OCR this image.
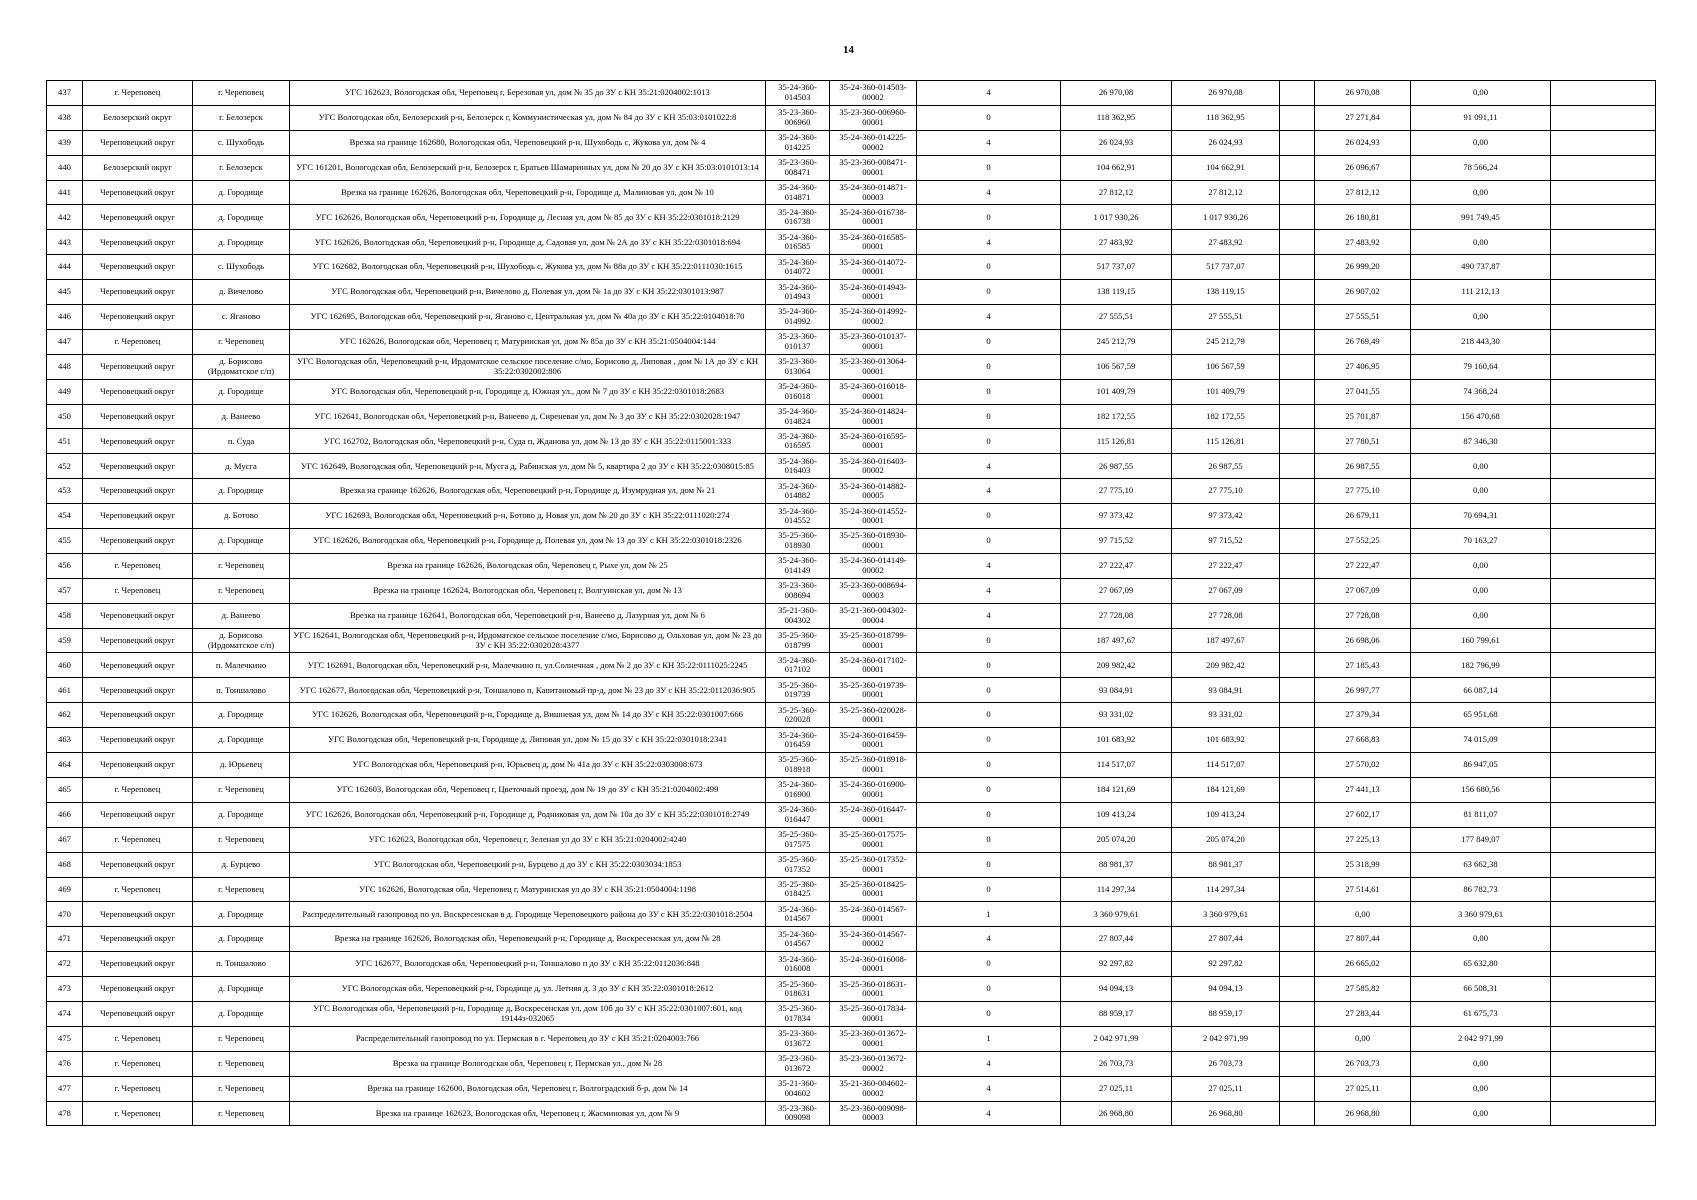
14
437	г. Череповец	г. Череповец	УГС 162623, Вологодская обл, Череповец г, Березовая ул, дом № 35 до ЗУ с КН 35:21:0204002:1013	35-24-360-014503	35-24-360-014503-00002	4	26 970,08	26 970,08		26 970,08	0,00	
438	Белозерский округ	г. Белозерск	УГС Вологодская обл, Белозерский р-н, Белозерск г, Коммунистическая ул, дом № 84 до ЗУ с КН 35:03:0101022:8	35-23-360-006960	35-23-360-006960-00001	0	118 362,95	118 362,95		27 271,84	91 091,11	
439	Череповецкий округ	с. Шухободь	Врезка на границе 162680, Вологодская обл, Череповецкий р-н, Шухободь с, Жукова ул, дом № 4	35-24-360-014225	35-24-360-014225-00002	4	26 024,93	26 024,93		26 024,93	0,00	
440	Белозерский округ	г. Белозерск	УГС 161201, Вологодская обл, Белозерский р-н, Белозерск г, Братьев Шамаринных ул, дом № 20 до ЗУ с КН 35:03:0101013:14	35-23-360-008471	35-23-360-008471-00001	0	104 662,91	104 662,91		26 096,67	78 566,24	
441	Череповецкий округ	д. Городище	Врезка на границе 162626, Вологодская обл, Череповецкий р-н, Городище д, Малиновая ул, дом № 10	35-24-360-014871	35-24-360-014871-00003	4	27 812,12	27 812,12		27 812,12	0,00	
442	Череповецкий округ	д. Городище	УГС 162626, Вологодская обл, Череповецкий р-н, Городище д, Лесная ул, дом № 85 до ЗУ с КН 35:22:0301018:2129	35-24-360-016738	35-24-360-016738-00001	0	1 017 930,26	1 017 930,26		26 180,81	991 749,45	
443	Череповецкий округ	д. Городище	УГС 162626, Вологодская обл, Череповецкий р-н, Городище д, Садовая ул, дом № 2А до ЗУ с КН 35:22:0301018:694	35-24-360-016585	35-24-360-016585-00001	4	27 483,92	27 483,92		27 483,92	0,00	
444	Череповецкий округ	с. Шухободь	УГС 162682, Вологодская обл, Череповецкий р-н, Шухободь с, Жукова ул, дом № 88а до ЗУ с КН 35:22:0111030:1615	35-24-360-014072	35-24-360-014072-00001	0	517 737,07	517 737,07		26 999,20	490 737,87	
445	Череповецкий округ	д. Вичелово	УГС Вологодская обл, Череповецкий р-н, Вичелово д, Полевая ул, дом № 1а до ЗУ с КН 35:22:0301013:987	35-24-360-014943	35-24-360-014943-00001	0	138 119,15	138 119,15		26 907,02	111 212,13	
446	Череповецкий округ	с. Яганово	УГС 162695, Вологодская обл, Череповецкий р-н, Яганово с, Центральная ул, дом № 40а до ЗУ с КН 35:22:0104018:70	35-24-360-014992	35-24-360-014992-00002	4	27 555,51	27 555,51		27 555,51	0,00	
447	г. Череповец	г. Череповец	УГС 162626, Вологодская обл, Череповец г, Матуринская ул, дом № 85а до ЗУ с КН 35:21:0504004:144	35-23-360-010137	35-23-360-010137-00001	0	245 212,79	245 212,79		26 769,49	218 443,30	
448	Череповецкий округ	д. Борисово (Ирдоматское с/п)	УГС Вологодская обл, Череповецкий р-н, Ирдоматское сельское поселение с/мо, Борисово д, Липовая , дом № 1А до ЗУ с КН 35:22:0302002:806	35-23-360-013064	35-23-360-013064-00001	0	106 567,59	106 567,59		27 406,95	79 160,64	
449	Череповецкий округ	д. Городище	УГС Вологодская обл, Череповецкий р-н, Городище д, Южная ул., дом № 7 до ЗУ с КН 35:22:0301018:2683	35-24-360-016018	35-24-360-016018-00001	0	101 409,79	101 409,79		27 041,55	74 368,24	
450	Череповецкий округ	д. Ванеево	УГС 162641, Вологодская обл, Череповецкий р-н, Ванеево д, Сиреневая ул, дом № 3 до ЗУ с КН 35:22:0302028:1947	35-24-360-014824	35-24-360-014824-00001	0	182 172,55	182 172,55		25 701,87	156 470,68	
451	Череповецкий округ	п. Суда	УГС 162702, Вологодская обл, Череповецкий р-н, Суда п, Жданова ул, дом № 13 до ЗУ с КН 35:22:0115001:333	35-24-360-016595	35-24-360-016595-00001	0	115 126,81	115 126,81		27 780,51	87 346,30	
452	Череповецкий округ	д. Мусга	УГС 162649, Вологодская обл, Череповецкий р-н, Мусга д, Рабинская ул, дом № 5, квартира 2 до ЗУ с КН 35:22:0308015:85	35-24-360-016403	35-24-360-016403-00002	4	26 987,55	26 987,55		26 987,55	0,00	
453	Череповецкий округ	д. Городище	Врезка на границе 162626, Вологодская обл, Череповецкий р-н, Городище д, Изумрудная ул, дом № 21	35-24-360-014882	35-24-360-014882-00005	4	27 775,10	27 775,10		27 775,10	0,00	
454	Череповецкий округ	д. Ботово	УГС 162693, Вологодская обл, Череповецкий р-н, Ботово д, Новая ул, дом № 20 до ЗУ с КН 35:22:0111020:274	35-24-360-014552	35-24-360-014552-00001	0	97 373,42	97 373,42		26 679,11	70 694,31	
455	Череповецкий округ	д. Городище	УГС 162626, Вологодская обл, Череповецкий р-н, Городище д, Полевая ул, дом № 13 до ЗУ с КН 35:22:0301018:2326	35-25-360-018930	35-25-360-018930-00001	0	97 715,52	97 715,52		27 552,25	70 163,27	
456	г. Череповец	г. Череповец	Врезка на границе 162626, Вологодская обл, Череповец г, Рыхе ул, дом № 25	35-24-360-014149	35-24-360-014149-00002	4	27 222,47	27 222,47		27 222,47	0,00	
457	г. Череповец	г. Череповец	Врезка на границе 162624, Вологодская обл, Череповец г, Волгуинская ул, дом № 13	35-23-360-008694	35-23-360-008694-00003	4	27 067,09	27 067,09		27 067,09	0,00	
458	Череповецкий округ	д. Ванеево	Врезка на границе 162641, Вологодская обл, Череповецкий р-н, Ванеево д, Лазурная ул, дом № 6	35-21-360-004302	35-21-360-004302-00004	4	27 728,08	27 728,08		27 728,08	0,00	
459	Череповецкий округ	д. Борисово (Ирдоматское с/п)	УГС 162641, Вологодская обл, Череповецкий р-н, Ирдоматское сельское поселение с/мо, Борисово д, Ольховая ул, дом № 23 до ЗУ с КН 35:22:0302028:4377	35-25-360-018799	35-25-360-018799-00001	0	187 497,67	187 497,67		26 698,06	160 799,61	
460	Череповецкий округ	п. Малечкино	УГС 162691, Вологодская обл, Череповецкий р-н, Малечкино п, ул.Солнечная , дом № 2 до ЗУ с КН 35:22:0111025:2245	35-24-360-017102	35-24-360-017102-00001	0	209 982,42	209 982,42		27 185,43	182 796,99	
461	Череповецкий округ	п. Тоншалово	УГС 162677, Вологодская обл, Череповецкий р-н, Тоншалово п, Капитановый пр-д, дом № 23 до ЗУ с КН 35:22:0112036:905	35-25-360-019739	35-25-360-019739-00001	0	93 084,91	93 084,91		26 997,77	66 087,14	
462	Череповецкий округ	д. Городище	УГС 162626, Вологодская обл, Череповецкий р-н, Городище д, Вишневая ул, дом № 14 до ЗУ с КН 35:22:0301007:666	35-25-360-020028	35-25-360-020028-00001	0	93 331,02	93 331,02		27 379,34	65 951,68	
463	Череповецкий округ	д. Городище	УГС Вологодская обл, Череповецкий р-н, Городище д, Липовая ул, дом № 15 до ЗУ с КН 35:22:0301018:2341	35-24-360-016459	35-24-360-016459-00001	0	101 683,92	101 683,92		27 668,83	74 015,09	
464	Череповецкий округ	д. Юрьевец	УГС Вологодская обл, Череповецкий р-н, Юрьевец д, дом № 41а до ЗУ с КН 35:22:0303008:673	35-25-360-018918	35-25-360-018918-00001	0	114 517,07	114 517,07		27 570,02	86 947,05	
465	г. Череповец	г. Череповец	УГС 162603, Вологодская обл, Череповец г, Цветочный проезд, дом № 19 до ЗУ с КН 35:21:0204002:499	35-24-360-016900	35-24-360-016900-00001	0	184 121,69	184 121,69		27 441,13	156 680,56	
466	Череповецкий округ	д. Городище	УГС 162626, Вологодская обл, Череповецкий р-н, Городище д, Родниковая ул, дом № 10а до ЗУ с КН 35:22:0301018:2749	35-24-360-016447	35-24-360-016447-00001	0	109 413,24	109 413,24		27 602,17	81 811,07	
467	г. Череповец	г. Череповец	УГС 162623, Вологодская обл, Череповец г, Зеленая ул до ЗУ с КН 35:21:0204002:4240	35-25-360-017575	35-25-360-017575-00001	0	205 074,20	205 074,20		27 225,13	177 849,07	
468	Череповецкий округ	д. Бурцево	УГС Вологодская обл, Череповецкий р-н, Бурцево д до ЗУ с КН 35:22:0303034:1853	35-25-360-017352	35-25-360-017352-00001	0	88 981,37	88 981,37		25 318,99	63 662,38	
469	г. Череповец	г. Череповец	УГС 162626, Вологодская обл, Череповец г, Матуринская ул до ЗУ с КН 35:21:0504004:1198	35-25-360-018425	35-25-360-018425-00001	0	114 297,34	114 297,34		27 514,61	86 782,73	
470	Череповецкий округ	д. Городище	Распределительный газопровод по ул. Воскресенская в д. Городище Череповецкого района до ЗУ с КН 35:22:0301018:2504	35-24-360-014567	35-24-360-014567-00001	1	3 360 979,61	3 360 979,61		0,00	3 360 979,61	
471	Череповецкий округ	д. Городище	Врезка на границе 162626, Вологодская обл, Череповецкий р-н, Городище д, Воскресенская ул, дом № 28	35-24-360-014567	35-24-360-014567-00002	4	27 807,44	27 807,44		27 807,44	0,00	
472	Череповецкий округ	п. Тоншалово	УГС 162677, Вологодская обл, Череповецкий р-н, Тоншалово п до ЗУ с КН 35:22:0112036:848	35-24-360-016008	35-24-360-016008-00001	0	92 297,82	92 297,82		26 665,02	65 632,80	
473	Череповецкий округ	д. Городище	УГС Вологодская обл, Череповецкий р-н, Городище д, ул. Летняя д. 3 до ЗУ с КН 35:22:0301018:2612	35-25-360-018631	35-25-360-018631-00001	0	94 094,13	94 094,13		27 585,82	66 508,31	
474	Череповецкий округ	д. Городище	УГС Вологодская обл, Череповецкий р-н, Городище д, Воскресенская ул, дом 10б до ЗУ с КН 35:22:0301007:601, код 19144з-032065	35-25-360-017834	35-25-360-017834-00001	0	88 959,17	88 959,17		27 283,44	61 675,73	
475	г. Череповец	г. Череповец	Распределительный газопровод по ул. Пермская в г. Череповец до ЗУ с КН 35:21:0204003:766	35-23-360-013672	35-23-360-013672-00001	1	2 042 971,99	2 042 971,99		0,00	2 042 971,99	
476	г. Череповец	г. Череповец	Врезка на границе Вологодская обл, Череповец г, Пермская ул., дом № 28	35-23-360-013672	35-23-360-013672-00002	4	26 703,73	26 703,73		26 703,73	0,00	
477	г. Череповец	г. Череповец	Врезка на границе 162600, Вологодская обл, Череповец г, Волгоградский б-р, дом № 14	35-21-360-004602	35-21-360-004602-00002	4	27 025,11	27 025,11		27 025,11	0,00	
478	г. Череповец	г. Череповец	Врезка на границе 162623, Вологодская обл, Череповец г, Жасминовая ул, дом № 9	35-23-360-009098	35-23-360-009098-00003	4	26 968,80	26 968,80		26 968,80	0,00	
